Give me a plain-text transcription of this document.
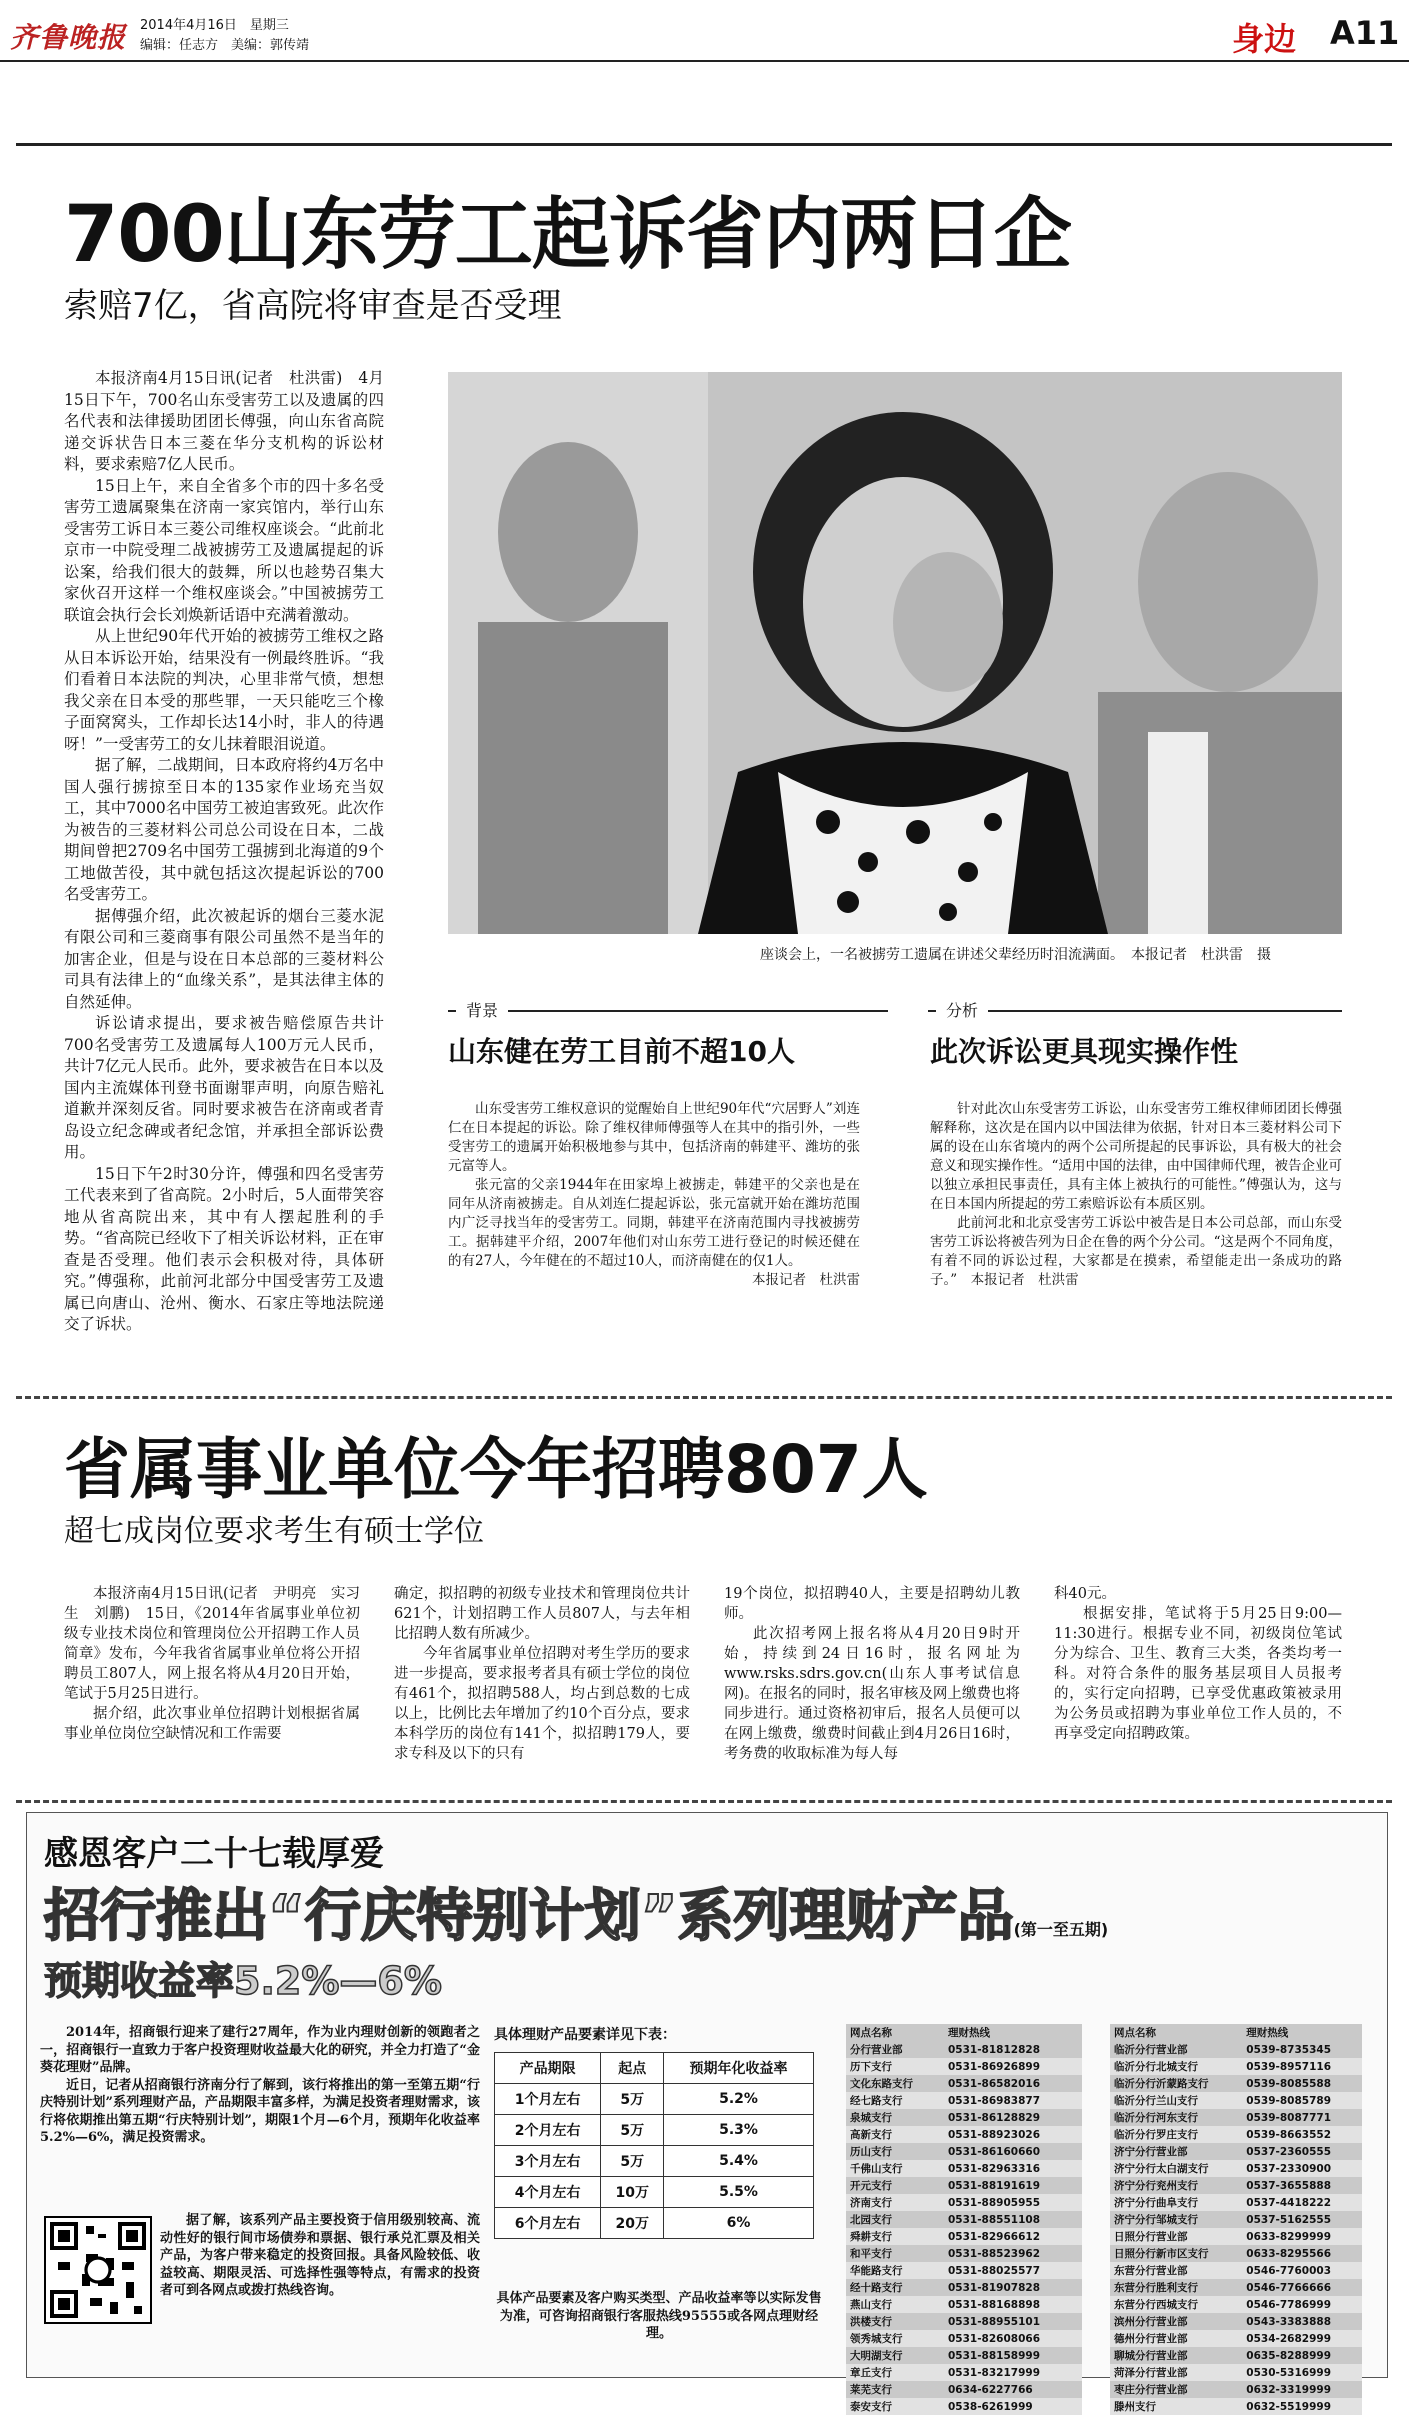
齐鲁晚报 2014年4月16日　星期三
编辑：任志方　美编：郭传靖	身边 A11
700山东劳工起诉省内两日企
索赔7亿，省高院将审查是否受理

本报济南4月15日讯(记者　杜洪雷)　4月15日下午，700名山东受害劳工以及遗属的四名代表和法律援助团团长傅强，向山东省高院递交诉状告日本三菱在华分支机构的诉讼材料，要求索赔7亿人民币。

15日上午，来自全省多个市的四十多名受害劳工遗属聚集在济南一家宾馆内，举行山东受害劳工诉日本三菱公司维权座谈会。“此前北京市一中院受理二战被掳劳工及遗属提起的诉讼案，给我们很大的鼓舞，所以也趁势召集大家伙召开这样一个维权座谈会。”中国被掳劳工联谊会执行会长刘焕新话语中充满着激动。

从上世纪90年代开始的被掳劳工维权之路从日本诉讼开始，结果没有一例最终胜诉。“我们看着日本法院的判决，心里非常气愤，想想我父亲在日本受的那些罪，一天只能吃三个橡子面窝窝头，工作却长达14小时，非人的待遇呀！”一受害劳工的女儿抹着眼泪说道。

据了解，二战期间，日本政府将约4万名中国人强行掳掠至日本的135家作业场充当奴工，其中7000名中国劳工被迫害致死。此次作为被告的三菱材料公司总公司设在日本，二战期间曾把2709名中国劳工强掳到北海道的9个工地做苦役，其中就包括这次提起诉讼的700名受害劳工。

据傅强介绍，此次被起诉的烟台三菱水泥有限公司和三菱商事有限公司虽然不是当年的加害企业，但是与设在日本总部的三菱材料公司具有法律上的“血缘关系”，是其法律主体的自然延伸。

诉讼请求提出，要求被告赔偿原告共计700名受害劳工及遗属每人100万元人民币，共计7亿元人民币。此外，要求被告在日本以及国内主流媒体刊登书面谢罪声明，向原告赔礼道歉并深刻反省。同时要求被告在济南或者青岛设立纪念碑或者纪念馆，并承担全部诉讼费用。

15日下午2时30分许，傅强和四名受害劳工代表来到了省高院。2小时后，5人面带笑容地从省高院出来，其中有人摆起胜利的手势。“省高院已经收下了相关诉讼材料，正在审查是否受理。他们表示会积极对待，具体研究。”傅强称，此前河北部分中国受害劳工及遗属已向唐山、沧州、衡水、石家庄等地法院递交了诉状。

座谈会上，一名被掳劳工遗属在讲述父辈经历时泪流满面。　本报记者　杜洪雷　摄
背景
山东健在劳工目前不超10人

山东受害劳工维权意识的觉醒始自上世纪90年代“穴居野人”刘连仁在日本提起的诉讼。除了维权律师傅强等人在其中的指引外，一些受害劳工的遗属开始积极地参与其中，包括济南的韩建平、潍坊的张元富等人。

张元富的父亲1944年在田家埠上被掳走，韩建平的父亲也是在同年从济南被掳走。自从刘连仁提起诉讼，张元富就开始在潍坊范围内广泛寻找当年的受害劳工。同期，韩建平在济南范围内寻找被掳劳工。据韩建平介绍，2007年他们对山东劳工进行登记的时候还健在的有27人，今年健在的不超过10人，而济南健在的仅1人。

本报记者　杜洪雷

分析
此次诉讼更具现实操作性

针对此次山东受害劳工诉讼，山东受害劳工维权律师团团长傅强解释称，这次是在国内以中国法律为依据，针对日本三菱材料公司下属的设在山东省境内的两个公司所提起的民事诉讼，具有极大的社会意义和现实操作性。“适用中国的法律，由中国律师代理，被告企业可以独立承担民事责任，具有主体上被执行的可能性。”傅强认为，这与在日本国内所提起的劳工索赔诉讼有本质区别。

此前河北和北京受害劳工诉讼中被告是日本公司总部，而山东受害劳工诉讼将被告列为日企在鲁的两个分公司。“这是两个不同角度，有着不同的诉讼过程，大家都是在摸索，希望能走出一条成功的路子。”　本报记者　杜洪雷

省属事业单位今年招聘807人
超七成岗位要求考生有硕士学位

本报济南4月15日讯(记者　尹明亮　实习生　刘鹏)　15日，《2014年省属事业单位初级专业技术岗位和管理岗位公开招聘工作人员简章》发布，今年我省省属事业单位将公开招聘员工807人，网上报名将从4月20日开始，笔试于5月25日进行。

据介绍，此次事业单位招聘计划根据省属事业单位岗位空缺情况和工作需要

确定，拟招聘的初级专业技术和管理岗位共计621个，计划招聘工作人员807人，与去年相比招聘人数有所减少。

今年省属事业单位招聘对考生学历的要求进一步提高，要求报考者具有硕士学位的岗位有461个，拟招聘588人，均占到总数的七成以上，比例比去年增加了约10个百分点，要求本科学历的岗位有141个，拟招聘179人，要求专科及以下的只有

19个岗位，拟招聘40人，主要是招聘幼儿教师。

此次招考网上报名将从4月20日9时开始，持续到24日16时，报名网址为www.rsks.sdrs.gov.cn(山东人事考试信息网)。在报名的同时，报名审核及网上缴费也将同步进行。通过资格初审后，报名人员便可以在网上缴费，缴费时间截止到4月26日16时，考务费的收取标准为每人每

科40元。

根据安排，笔试将于5月25日9:00—11:30进行。根据专业不同，初级岗位笔试分为综合、卫生、教育三大类，各类均考一科。对符合条件的服务基层项目人员报考的，实行定向招聘，已享受优惠政策被录用为公务员或招聘为事业单位工作人员的，不再享受定向招聘政策。

感恩客户二十七载厚爱
招行推出“行庆特别计划”系列理财产品(第一至五期)
预期收益率5.2%—6%

2014年，招商银行迎来了建行27周年，作为业内理财创新的领跑者之一，招商银行一直致力于客户投资理财收益最大化的研究，并全力打造了“金葵花理财”品牌。

近日，记者从招商银行济南分行了解到，该行将推出的第一至第五期“行庆特别计划”系列理财产品，产品期限丰富多样，为满足投资者理财需求，该行将依期推出第五期“行庆特别计划”，期限1个月—6个月，预期年化收益率5.2%—6%，满足投资需求。

据了解，该系列产品主要投资于信用级别较高、流动性好的银行间市场债券和票据、银行承兑汇票及相关产品，为客户带来稳定的投资回报。具备风险较低、收益较高、期限灵活、可选择性强等特点，有需求的投资者可到各网点或拨打热线咨询。

具体理财产品要素详见下表：
产品期限	起点	预期年化收益率
1个月左右	5万	5.2%
2个月左右	5万	5.3%
3个月左右	5万	5.4%
4个月左右	10万	5.5%
6个月左右	20万	6%
具体产品要素及客户购买类型、产品收益率等以实际发售为准，可咨询招商银行客服热线95555或各网点理财经理。
网点名称	理财热线
分行营业部	0531-81812828
历下支行	0531-86926899
文化东路支行	0531-86582016
经七路支行	0531-86983877
泉城支行	0531-86128829
高新支行	0531-88923026
历山支行	0531-86160660
千佛山支行	0531-82963316
开元支行	0531-88191619
济南支行	0531-88905955
北园支行	0531-88551108
舜耕支行	0531-82966612
和平支行	0531-88523962
华能路支行	0531-88025577
经十路支行	0531-81907828
燕山支行	0531-88168898
洪楼支行	0531-88955101
领秀城支行	0531-82608066
大明湖支行	0531-88158999
章丘支行	0531-83217999
莱芜支行	0634-6227766
泰安支行	0538-6261999
网点名称	理财热线
临沂分行营业部	0539-8735345
临沂分行北城支行	0539-8957116
临沂分行沂蒙路支行	0539-8085588
临沂分行兰山支行	0539-8085789
临沂分行河东支行	0539-8087771
临沂分行罗庄支行	0539-8663552
济宁分行营业部	0537-2360555
济宁分行太白湖支行	0537-2330900
济宁分行兖州支行	0537-3655888
济宁分行曲阜支行	0537-4418222
济宁分行邹城支行	0537-5162555
日照分行营业部	0633-8299999
日照分行新市区支行	0633-8295566
东营分行营业部	0546-7760003
东营分行胜利支行	0546-7766666
东营分行西城支行	0546-7786999
滨州分行营业部	0543-3383888
德州分行营业部	0534-2682999
聊城分行营业部	0635-8288999
菏泽分行营业部	0530-5316999
枣庄分行营业部	0632-3319999
滕州支行	0632-5519999
